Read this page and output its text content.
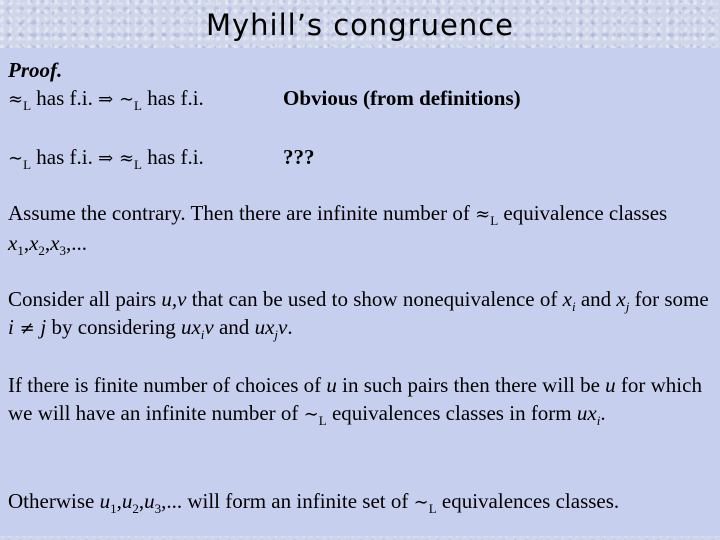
Myhill’s congruence
Proof.
$\approx_L$ has f.i. ⇒ $\sim_L$ has f.i.	Obvious (from definitions)
$\sim_L$ has f.i. ⇒ $\approx_L$ has f.i.	???
Assume the contrary. Then there are infinite number of $\approx_L$ equivalence classes $x_1,x_2,x_3$,...
Consider all pairs u,v that can be used to show nonequivalence of $x_i$ and $x_j$ for some i ≠ j by considering $ux_iv$ and $ux_jv$.
If there is finite number of choices of u in such pairs then there will be u for which we will have an infinite number of $\sim_L$ equivalences classes in form $ux_i$.
Otherwise $u_1,u_2,u_3$,... will form an infinite set of $\sim_L$ equivalences classes.
